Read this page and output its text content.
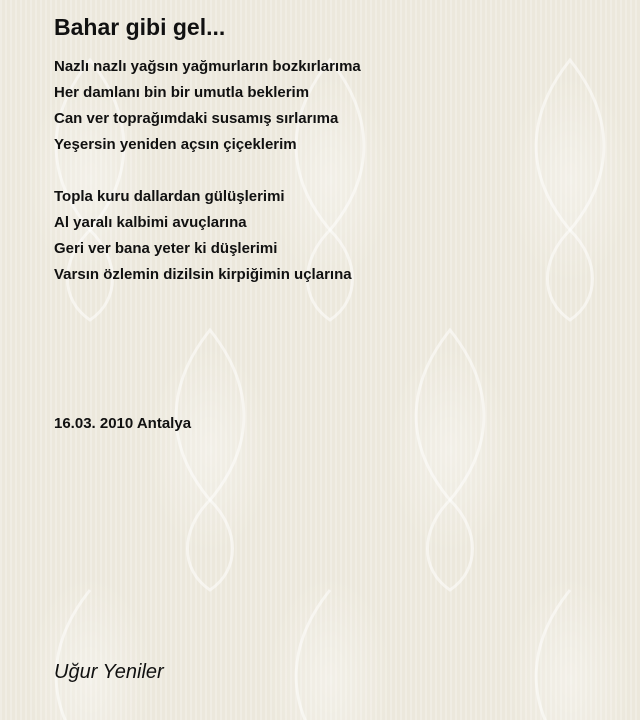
Bahar gibi gel...
Nazlı nazlı yağsın yağmurların bozkırlarıma
Her damlanı bin bir umutla beklerim
Can ver toprağımdaki susamış sırlarıma
Yeşersin yeniden açsın çiçeklerim
Topla kuru dallardan gülüşlerimi
Al yaralı kalbimi avuçlarına
Geri ver bana yeter ki düşlerimi
Varsın özlemin dizilsin kirpiğimin uçlarına
16.03. 2010 Antalya
Uğur Yeniler
